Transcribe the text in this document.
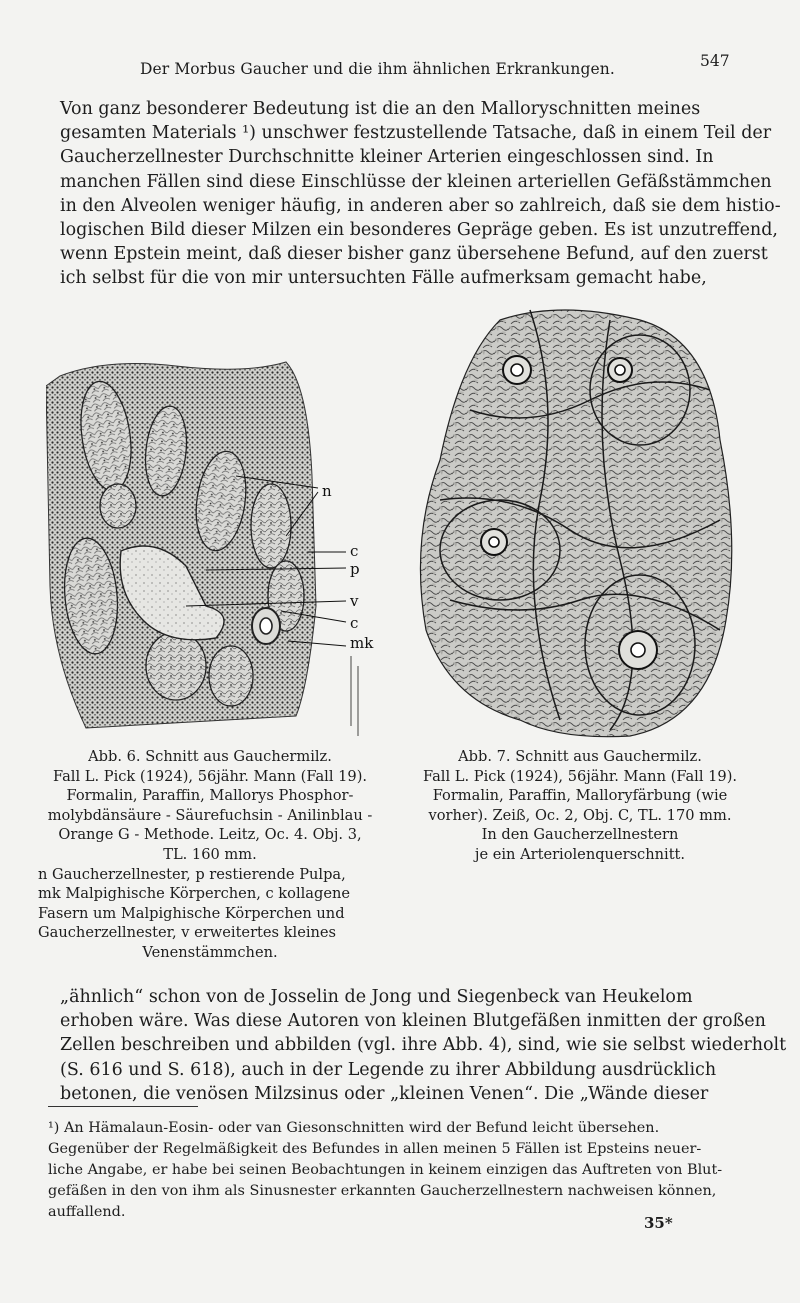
Der Morbus Gaucher und die ihm ähnlichen Erkrankungen.	547

Von ganz besonderer Bedeutung ist die an den Malloryschnitten meines
gesamten Materials ¹) unschwer festzustellende Tatsache, daß in einem Teil der
Gaucherzellnester Durchschnitte kleiner Arterien eingeschlossen sind. In
manchen Fällen sind diese Einschlüsse der kleinen arteriellen Gefäßstämmchen
in den Alveolen weniger häufig, in anderen aber so zahlreich, daß sie dem histio-
logischen Bild dieser Milzen ein besonderes Gepräge geben. Es ist unzutreffend,
wenn Epstein meint, daß dieser bisher ganz übersehene Befund, auf den zuerst
ich selbst für die von mir untersuchten Fälle aufmerksam gemacht habe,

n
c
p
v
c
mk
Abb. 6. Schnitt aus Gauchermilz.
Fall L. Pick (1924), 56jähr. Mann (Fall 19).
Formalin, Paraffin, Mallorys Phosphor-
molybdänsäure - Säurefuchsin - Anilinblau -
Orange G - Methode. Leitz, Oc. 4. Obj. 3,
TL. 160 mm.
n Gaucherzellnester, p restierende Pulpa,
mk Malpighische Körperchen, c kollagene
Fasern um Malpighische Körperchen und
Gaucherzellnester, v erweitertes kleines
Venenstämmchen.
Abb. 7. Schnitt aus Gauchermilz.
Fall L. Pick (1924), 56jähr. Mann (Fall 19).
Formalin, Paraffin, Malloryfärbung (wie
vorher). Zeiß, Oc. 2, Obj. C, TL. 170 mm.
In den Gaucherzellnestern
je ein Arteriolenquerschnitt.

„ähnlich“ schon von de Josselin de Jong und Siegenbeck van Heukelom
erhoben wäre. Was diese Autoren von kleinen Blutgefäßen inmitten der großen
Zellen beschreiben und abbilden (vgl. ihre Abb. 4), sind, wie sie selbst wiederholt
(S. 616 und S. 618), auch in der Legende zu ihrer Abbildung ausdrücklich
betonen, die venösen Milzsinus oder „kleinen Venen“. Die „Wände dieser

¹) An Hämalaun-Eosin- oder van Giesonschnitten wird der Befund leicht übersehen.
Gegenüber der Regelmäßigkeit des Befundes in allen meinen 5 Fällen ist Epsteins neuer-
liche Angabe, er habe bei seinen Beobachtungen in keinem einzigen das Auftreten von Blut-
gefäßen in den von ihm als Sinusnester erkannten Gaucherzellnestern nachweisen können,
auffallend.
35*
